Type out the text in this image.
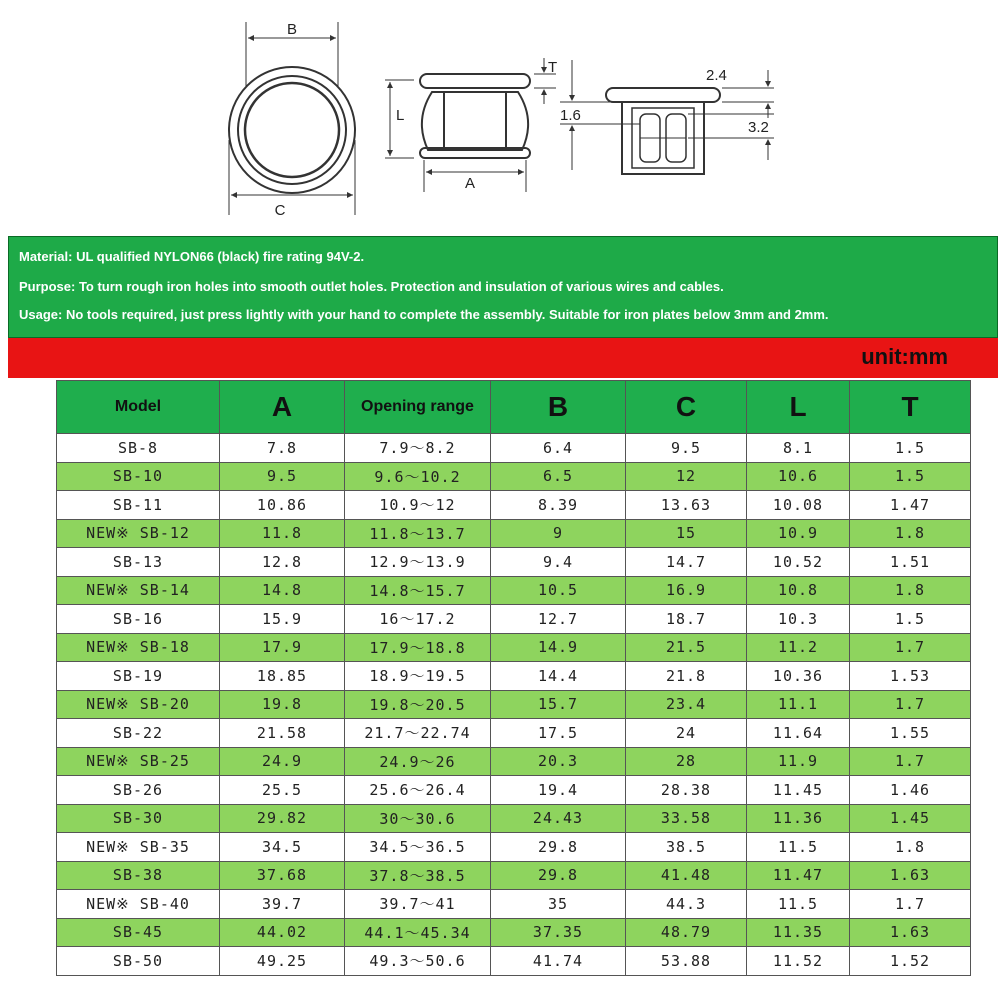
B
C
L
A
T	2.4
1.6
3.2
Material: UL qualified NYLON66 (black) fire rating 94V-2.
Purpose: To turn rough iron holes into smooth outlet holes. Protection and insulation of various wires and cables.
Usage: No tools required, just press lightly with your hand to complete the assembly. Suitable for iron plates below 3mm and 2mm.
unit:mm
Model	A	Opening range	B	C	L	T
SB-8	7.8	7.9～8.2	6.4	9.5	8.1	1.5
SB-10	9.5	9.6～10.2	6.5	12	10.6	1.5
SB-11	10.86	10.9～12	8.39	13.63	10.08	1.47
NEW※ SB-12	11.8	11.8～13.7	9	15	10.9	1.8
SB-13	12.8	12.9～13.9	9.4	14.7	10.52	1.51
NEW※ SB-14	14.8	14.8～15.7	10.5	16.9	10.8	1.8
SB-16	15.9	16～17.2	12.7	18.7	10.3	1.5
NEW※ SB-18	17.9	17.9～18.8	14.9	21.5	11.2	1.7
SB-19	18.85	18.9～19.5	14.4	21.8	10.36	1.53
NEW※ SB-20	19.8	19.8～20.5	15.7	23.4	11.1	1.7
SB-22	21.58	21.7～22.74	17.5	24	11.64	1.55
NEW※ SB-25	24.9	24.9～26	20.3	28	11.9	1.7
SB-26	25.5	25.6～26.4	19.4	28.38	11.45	1.46
SB-30	29.82	30～30.6	24.43	33.58	11.36	1.45
NEW※ SB-35	34.5	34.5～36.5	29.8	38.5	11.5	1.8
SB-38	37.68	37.8～38.5	29.8	41.48	11.47	1.63
NEW※ SB-40	39.7	39.7～41	35	44.3	11.5	1.7
SB-45	44.02	44.1～45.34	37.35	48.79	11.35	1.63
SB-50	49.25	49.3～50.6	41.74	53.88	11.52	1.52
